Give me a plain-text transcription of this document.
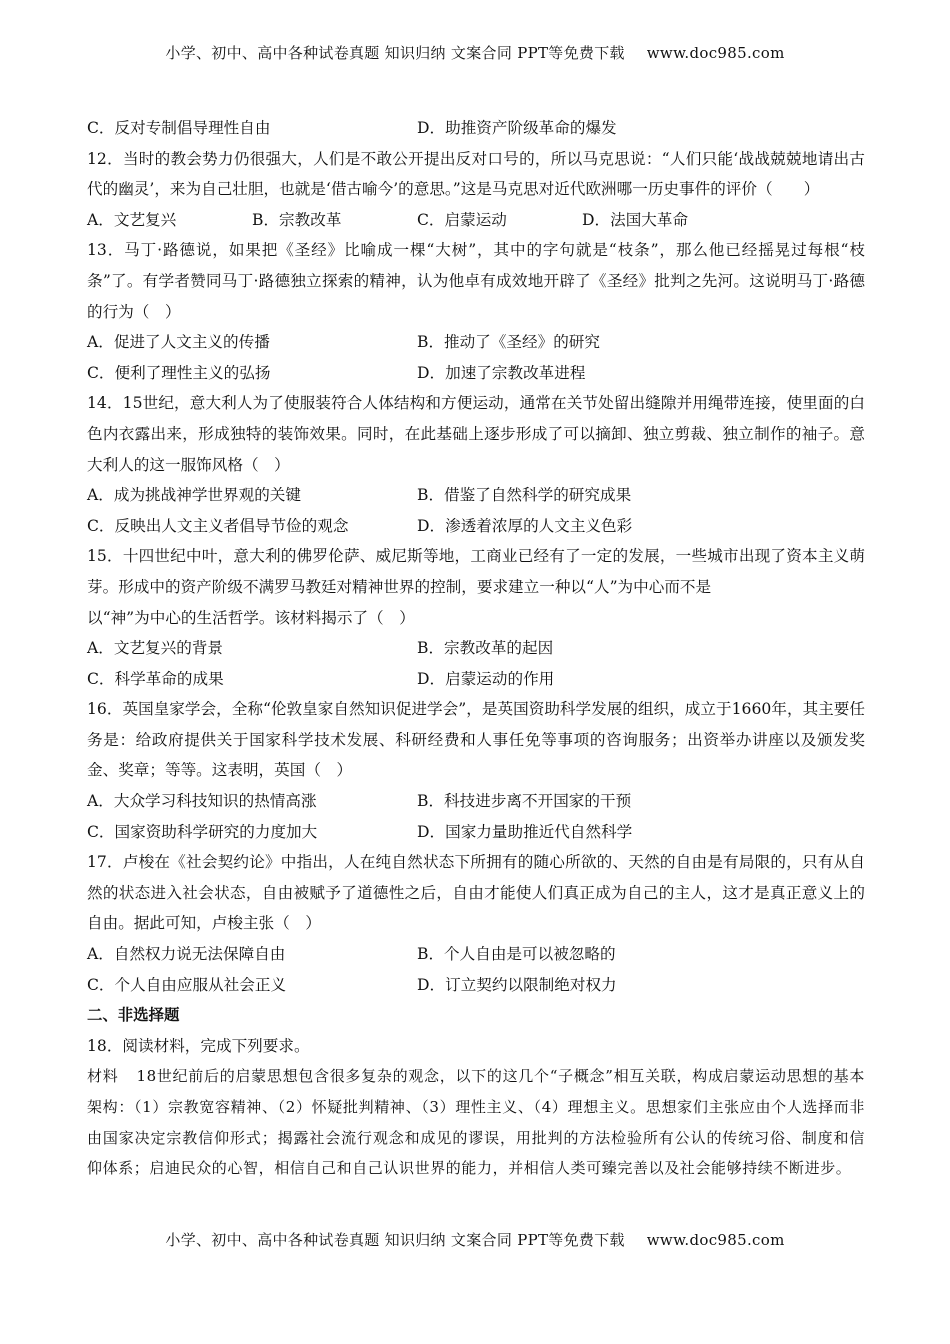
小学、初中、高中各种试卷真题 知识归纳 文案合同 PPT等免费下载 www.doc985.com
C．反对专制倡导理性自由	D．助推资产阶级革命的爆发
12．当时的教会势力仍很强大，人们是不敢公开提出反对口号的，所以马克思说：“人们只能‘战战兢兢地请出古代的幽灵’，来为自己壮胆，也就是‘借古喻今’的意思。”这是马克思对近代欧洲哪一历史事件的评价（　　）
A．文艺复兴	B．宗教改革	C．启蒙运动	D．法国大革命
13．马丁·路德说，如果把《圣经》比喻成一棵“大树”，其中的字句就是“枝条”，那么他已经摇晃过每根“枝条”了。有学者赞同马丁·路德独立探索的精神，认为他卓有成效地开辟了《圣经》批判之先河。这说明马丁·路德的行为（　）
A．促进了人文主义的传播	B．推动了《圣经》的研究
C．便利了理性主义的弘扬	D．加速了宗教改革进程
14．15世纪，意大利人为了使服装符合人体结构和方便运动，通常在关节处留出缝隙并用绳带连接，使里面的白色内衣露出来，形成独特的装饰效果。同时，在此基础上逐步形成了可以摘卸、独立剪裁、独立制作的袖子。意大利人的这一服饰风格（　）
A．成为挑战神学世界观的关键	B．借鉴了自然科学的研究成果
C．反映出人文主义者倡导节俭的观念	D．渗透着浓厚的人文主义色彩
15．十四世纪中叶，意大利的佛罗伦萨、威尼斯等地，工商业已经有了一定的发展，一些城市出现了资本主义萌芽。形成中的资产阶级不满罗马教廷对精神世界的控制，要求建立一种以“人”为中心而不是
以“神”为中心的生活哲学。该材料揭示了（　）
A．文艺复兴的背景	B．宗教改革的起因
C．科学革命的成果	D．启蒙运动的作用
16．英国皇家学会，全称“伦敦皇家自然知识促进学会”，是英国资助科学发展的组织，成立于1660年，其主要任务是：给政府提供关于国家科学技术发展、科研经费和人事任免等事项的咨询服务；出资举办讲座以及颁发奖金、奖章；等等。这表明，英国（　）
A．大众学习科技知识的热情高涨	B．科技进步离不开国家的干预
C．国家资助科学研究的力度加大	D．国家力量助推近代自然科学
17．卢梭在《社会契约论》中指出，人在纯自然状态下所拥有的随心所欲的、天然的自由是有局限的，只有从自然的状态进入社会状态，自由被赋予了道德性之后，自由才能使人们真正成为自己的主人，这才是真正意义上的自由。据此可知，卢梭主张（　）
A．自然权力说无法保障自由	B．个人自由是可以被忽略的
C．个人自由应服从社会正义	D．订立契约以限制绝对权力
二、非选择题
18．阅读材料，完成下列要求。
材料 18世纪前后的启蒙思想包含很多复杂的观念，以下的这几个“子概念”相互关联，构成启蒙运动思想的基本架构：（1）宗教宽容精神、（2）怀疑批判精神、（3）理性主义、（4）理想主义。思想家们主张应由个人选择而非由国家决定宗教信仰形式；揭露社会流行观念和成见的谬误，用批判的方法检验所有公认的传统习俗、制度和信仰体系；启迪民众的心智，相信自己和自己认识世界的能力，并相信人类可臻完善以及社会能够持续不断进步。
小学、初中、高中各种试卷真题 知识归纳 文案合同 PPT等免费下载 www.doc985.com
